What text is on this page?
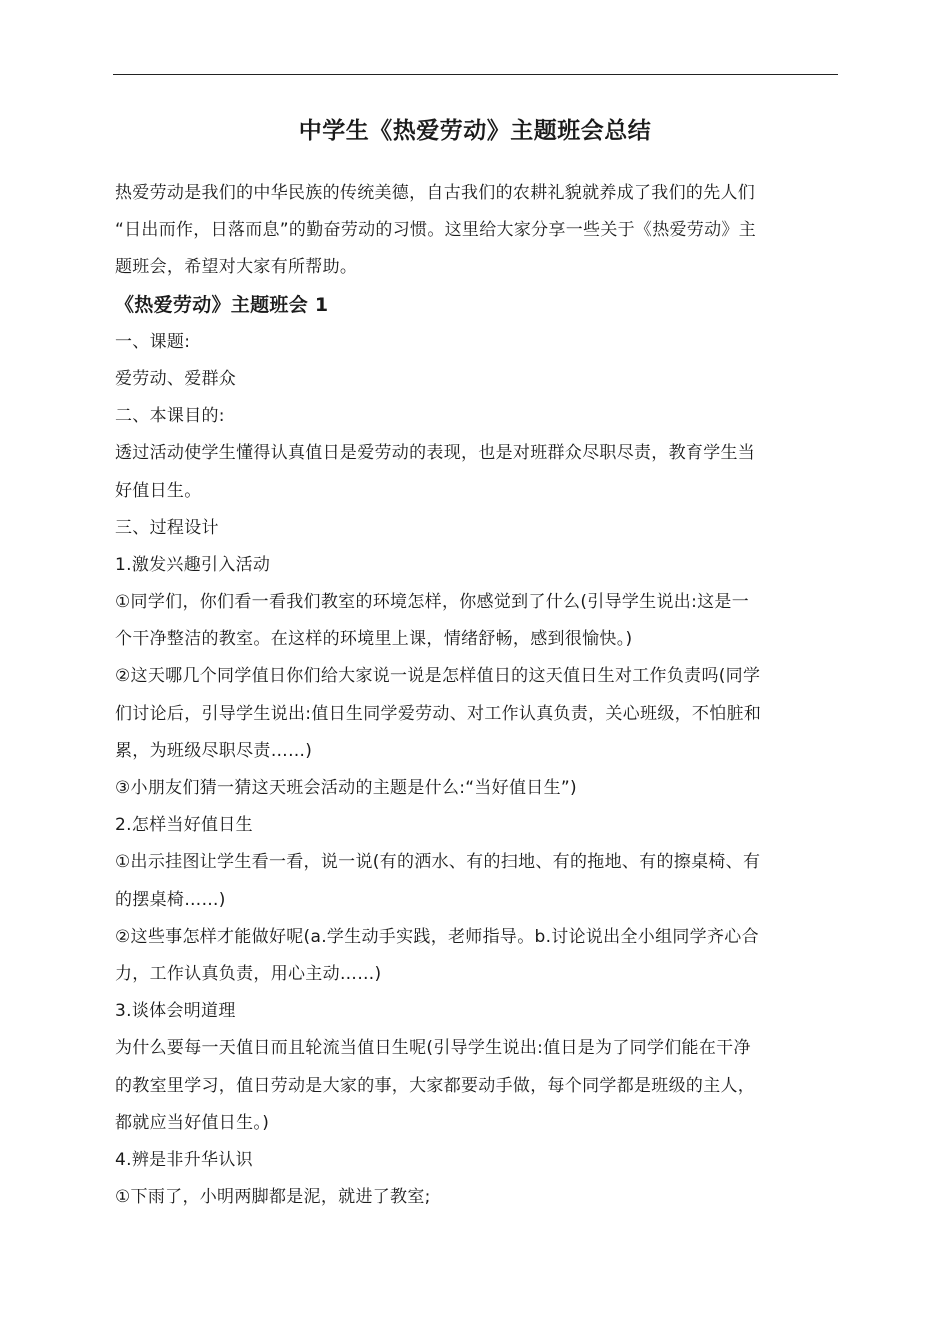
中学生《热爱劳动》主题班会总结
热爱劳动是我们的中华民族的传统美德，自古我们的农耕礼貌就养成了我们的先人们
“日出而作，日落而息”的勤奋劳动的习惯。这里给大家分享一些关于《热爱劳动》主
题班会，希望对大家有所帮助。
《热爱劳动》主题班会 1
一、课题:
爱劳动、爱群众
二、本课目的:
透过活动使学生懂得认真值日是爱劳动的表现，也是对班群众尽职尽责，教育学生当
好值日生。
三、过程设计
1.激发兴趣引入活动
①同学们，你们看一看我们教室的环境怎样，你感觉到了什么(引导学生说出:这是一
个干净整洁的教室。在这样的环境里上课，情绪舒畅，感到很愉快。)
②这天哪几个同学值日你们给大家说一说是怎样值日的这天值日生对工作负责吗(同学
们讨论后，引导学生说出:值日生同学爱劳动、对工作认真负责，关心班级，不怕脏和
累，为班级尽职尽责……)
③小朋友们猜一猜这天班会活动的主题是什么:“当好值日生”)
2.怎样当好值日生
①出示挂图让学生看一看，说一说(有的洒水、有的扫地、有的拖地、有的擦桌椅、有
的摆桌椅……)
②这些事怎样才能做好呢(a.学生动手实践，老师指导。b.讨论说出全小组同学齐心合
力，工作认真负责，用心主动……)
3.谈体会明道理
为什么要每一天值日而且轮流当值日生呢(引导学生说出:值日是为了同学们能在干净
的教室里学习，值日劳动是大家的事，大家都要动手做，每个同学都是班级的主人，
都就应当好值日生。)
4.辨是非升华认识
①下雨了，小明两脚都是泥，就进了教室;
